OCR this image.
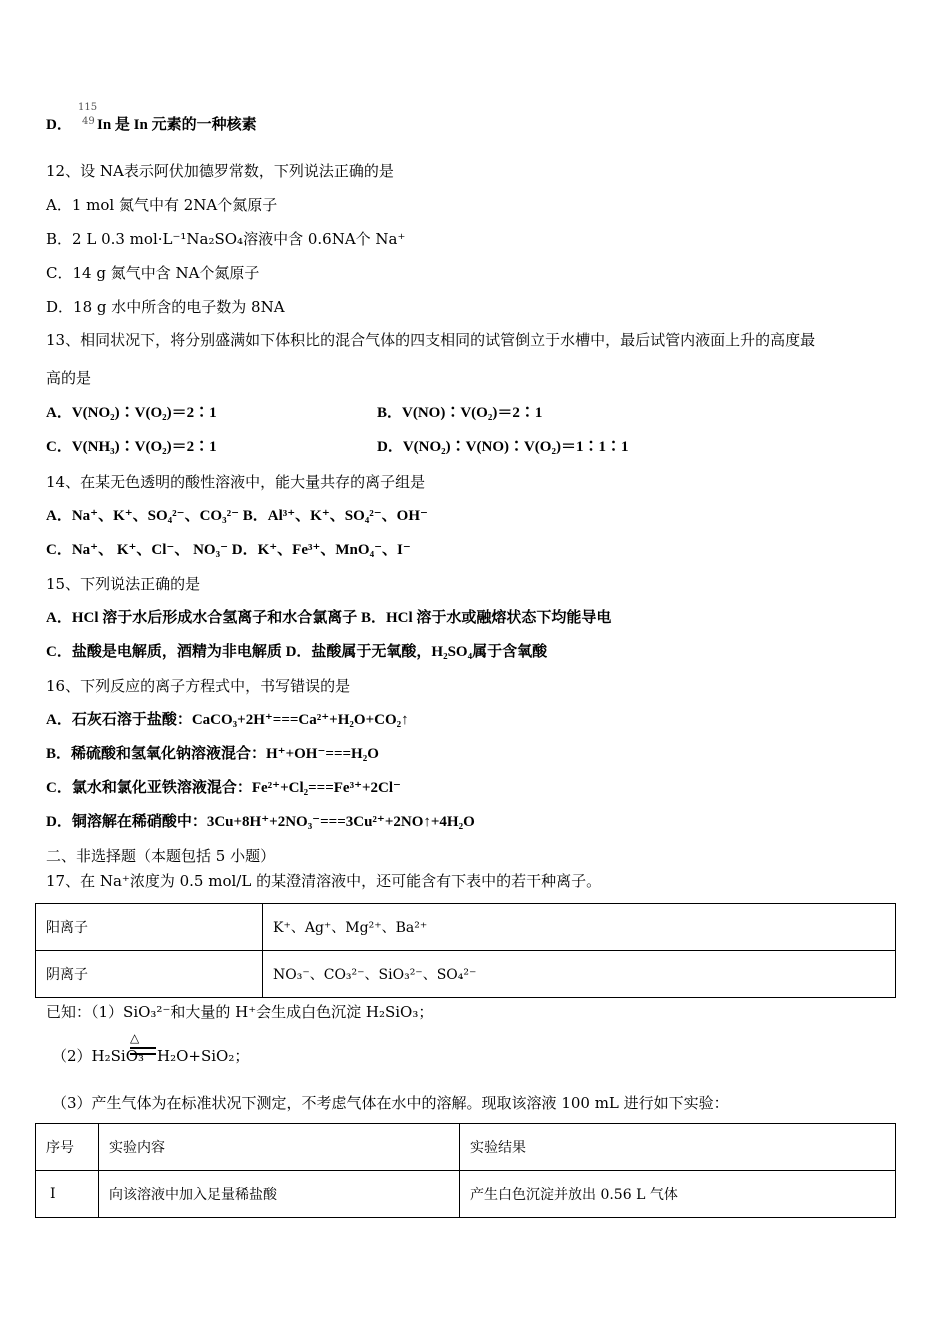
D．
115
49 In 是 In 元素的一种核素
12、设 NA表示阿伏加德罗常数，下列说法正确的是
A．1 mol 氮气中有 2NA个氮原子
B．2 L 0.3 mol·L⁻¹Na₂SO₄溶液中含 0.6NA个 Na⁺
C．14 g 氮气中含 NA个氮原子
D．18 g 水中所含的电子数为 8NA
13、相同状况下，将分别盛满如下体积比的混合气体的四支相同的试管倒立于水槽中，最后试管内液面上升的高度最
高的是
A．V(NO₂)∶V(O₂)＝2∶1	B．V(NO)∶V(O₂)＝2∶1
C．V(NH₃)∶V(O₂)＝2∶1	D．V(NO₂)∶V(NO)∶V(O₂)＝1∶1∶1
14、在某无色透明的酸性溶液中，能大量共存的离子组是
A．Na⁺、K⁺、SO₄²⁻、CO₃²⁻ B．Al³⁺、K⁺、SO₄²⁻、OH⁻
C．Na⁺、 K⁺、Cl⁻、 NO₃⁻ D．K⁺、Fe³⁺、MnO₄⁻、I⁻
15、下列说法正确的是
A．HCl 溶于水后形成水合氢离子和水合氯离子 B．HCl 溶于水或融熔状态下均能导电
C．盐酸是电解质，酒精为非电解质 D．盐酸属于无氧酸，H₂SO₄属于含氧酸
16、下列反应的离子方程式中，书写错误的是
A．石灰石溶于盐酸：CaCO₃+2H⁺===Ca²⁺+H₂O+CO₂↑
B．稀硫酸和氢氧化钠溶液混合：H⁺+OH⁻===H₂O
C．氯水和氯化亚铁溶液混合：Fe²⁺+Cl₂===Fe³⁺+2Cl⁻
D．铜溶解在稀硝酸中：3Cu+8H⁺+2NO₃⁻===3Cu²⁺+2NO↑+4H₂O
二、非选择题（本题包括 5 小题）
17、在 Na⁺浓度为 0.5 mol/L 的某澄清溶液中，还可能含有下表中的若干种离子。
阳离子	K⁺、Ag⁺、Mg²⁺、Ba²⁺
阴离子	NO₃⁻、CO₃²⁻、SiO₃²⁻、SO₄²⁻
已知：（1）SiO₃²⁻和大量的 H⁺会生成白色沉淀 H₂SiO₃；
（2）H₂SiO₃
△
H₂O+SiO₂；
（3）产生气体为在标准状况下测定，不考虑气体在水中的溶解。现取该溶液 100 mL 进行如下实验：
序号	实验内容	实验结果
Ⅰ	向该溶液中加入足量稀盐酸	产生白色沉淀并放出 0.56 L 气体
